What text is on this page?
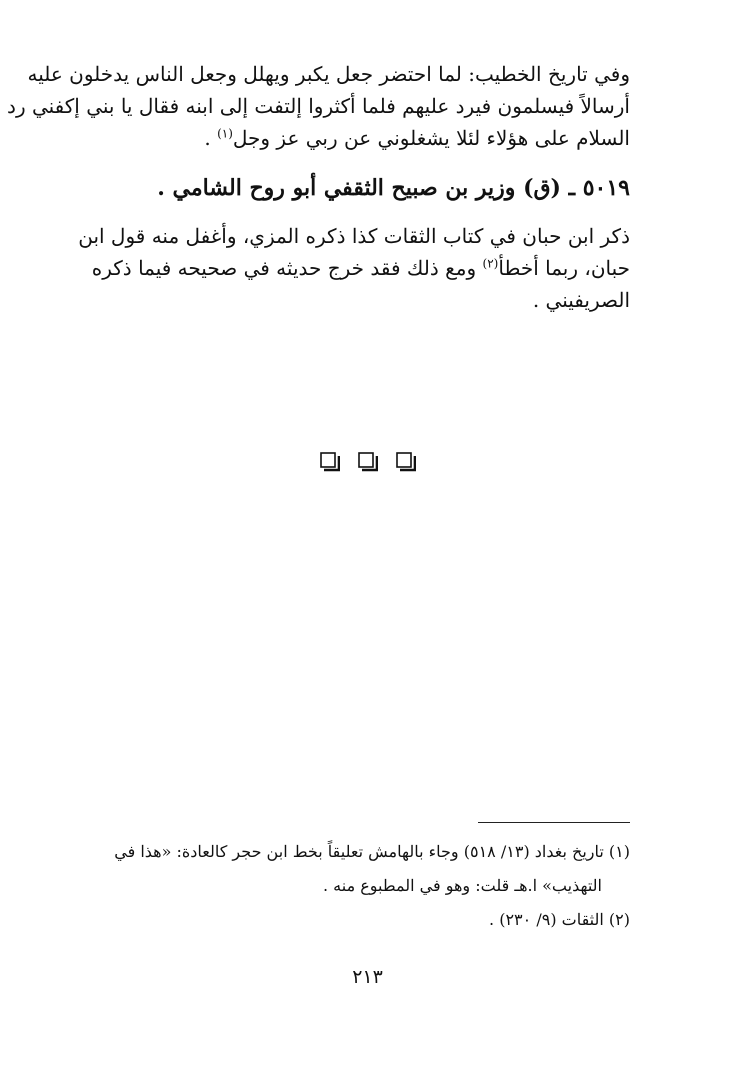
وفي تاريخ الخطيب: لما احتضر جعل يكبر ويهلل وجعل الناس يدخلون عليه
أرسالاً فيسلمون فيرد عليهم فلما أكثروا إلتفت إلى ابنه فقال يا بني إكفني رد
السلام على هؤلاء لئلا يشغلوني عن ربي عز وجل$^{(١)}$ .
٥٠١٩ ـ (ق) وزير بن صبيح الثقفي أبو روح الشامي .
ذكر ابن حبان في كتاب الثقات كذا ذكره المزي، وأغفل منه قول ابن
حبان، ربما أخطأ$^{(٢)}$ ومع ذلك فقد خرج حديثه في صحيحه فيما ذكره
الصريفيني .
(١) تاريخ بغداد (١٣/ ٥١٨) وجاء بالهامش تعليقاً بخط ابن حجر كالعادة: «هذا في
التهذيب» ا.هـ قلت: وهو في المطبوع منه .
(٢) الثقات (٩/ ٢٣٠) .
٢١٣
